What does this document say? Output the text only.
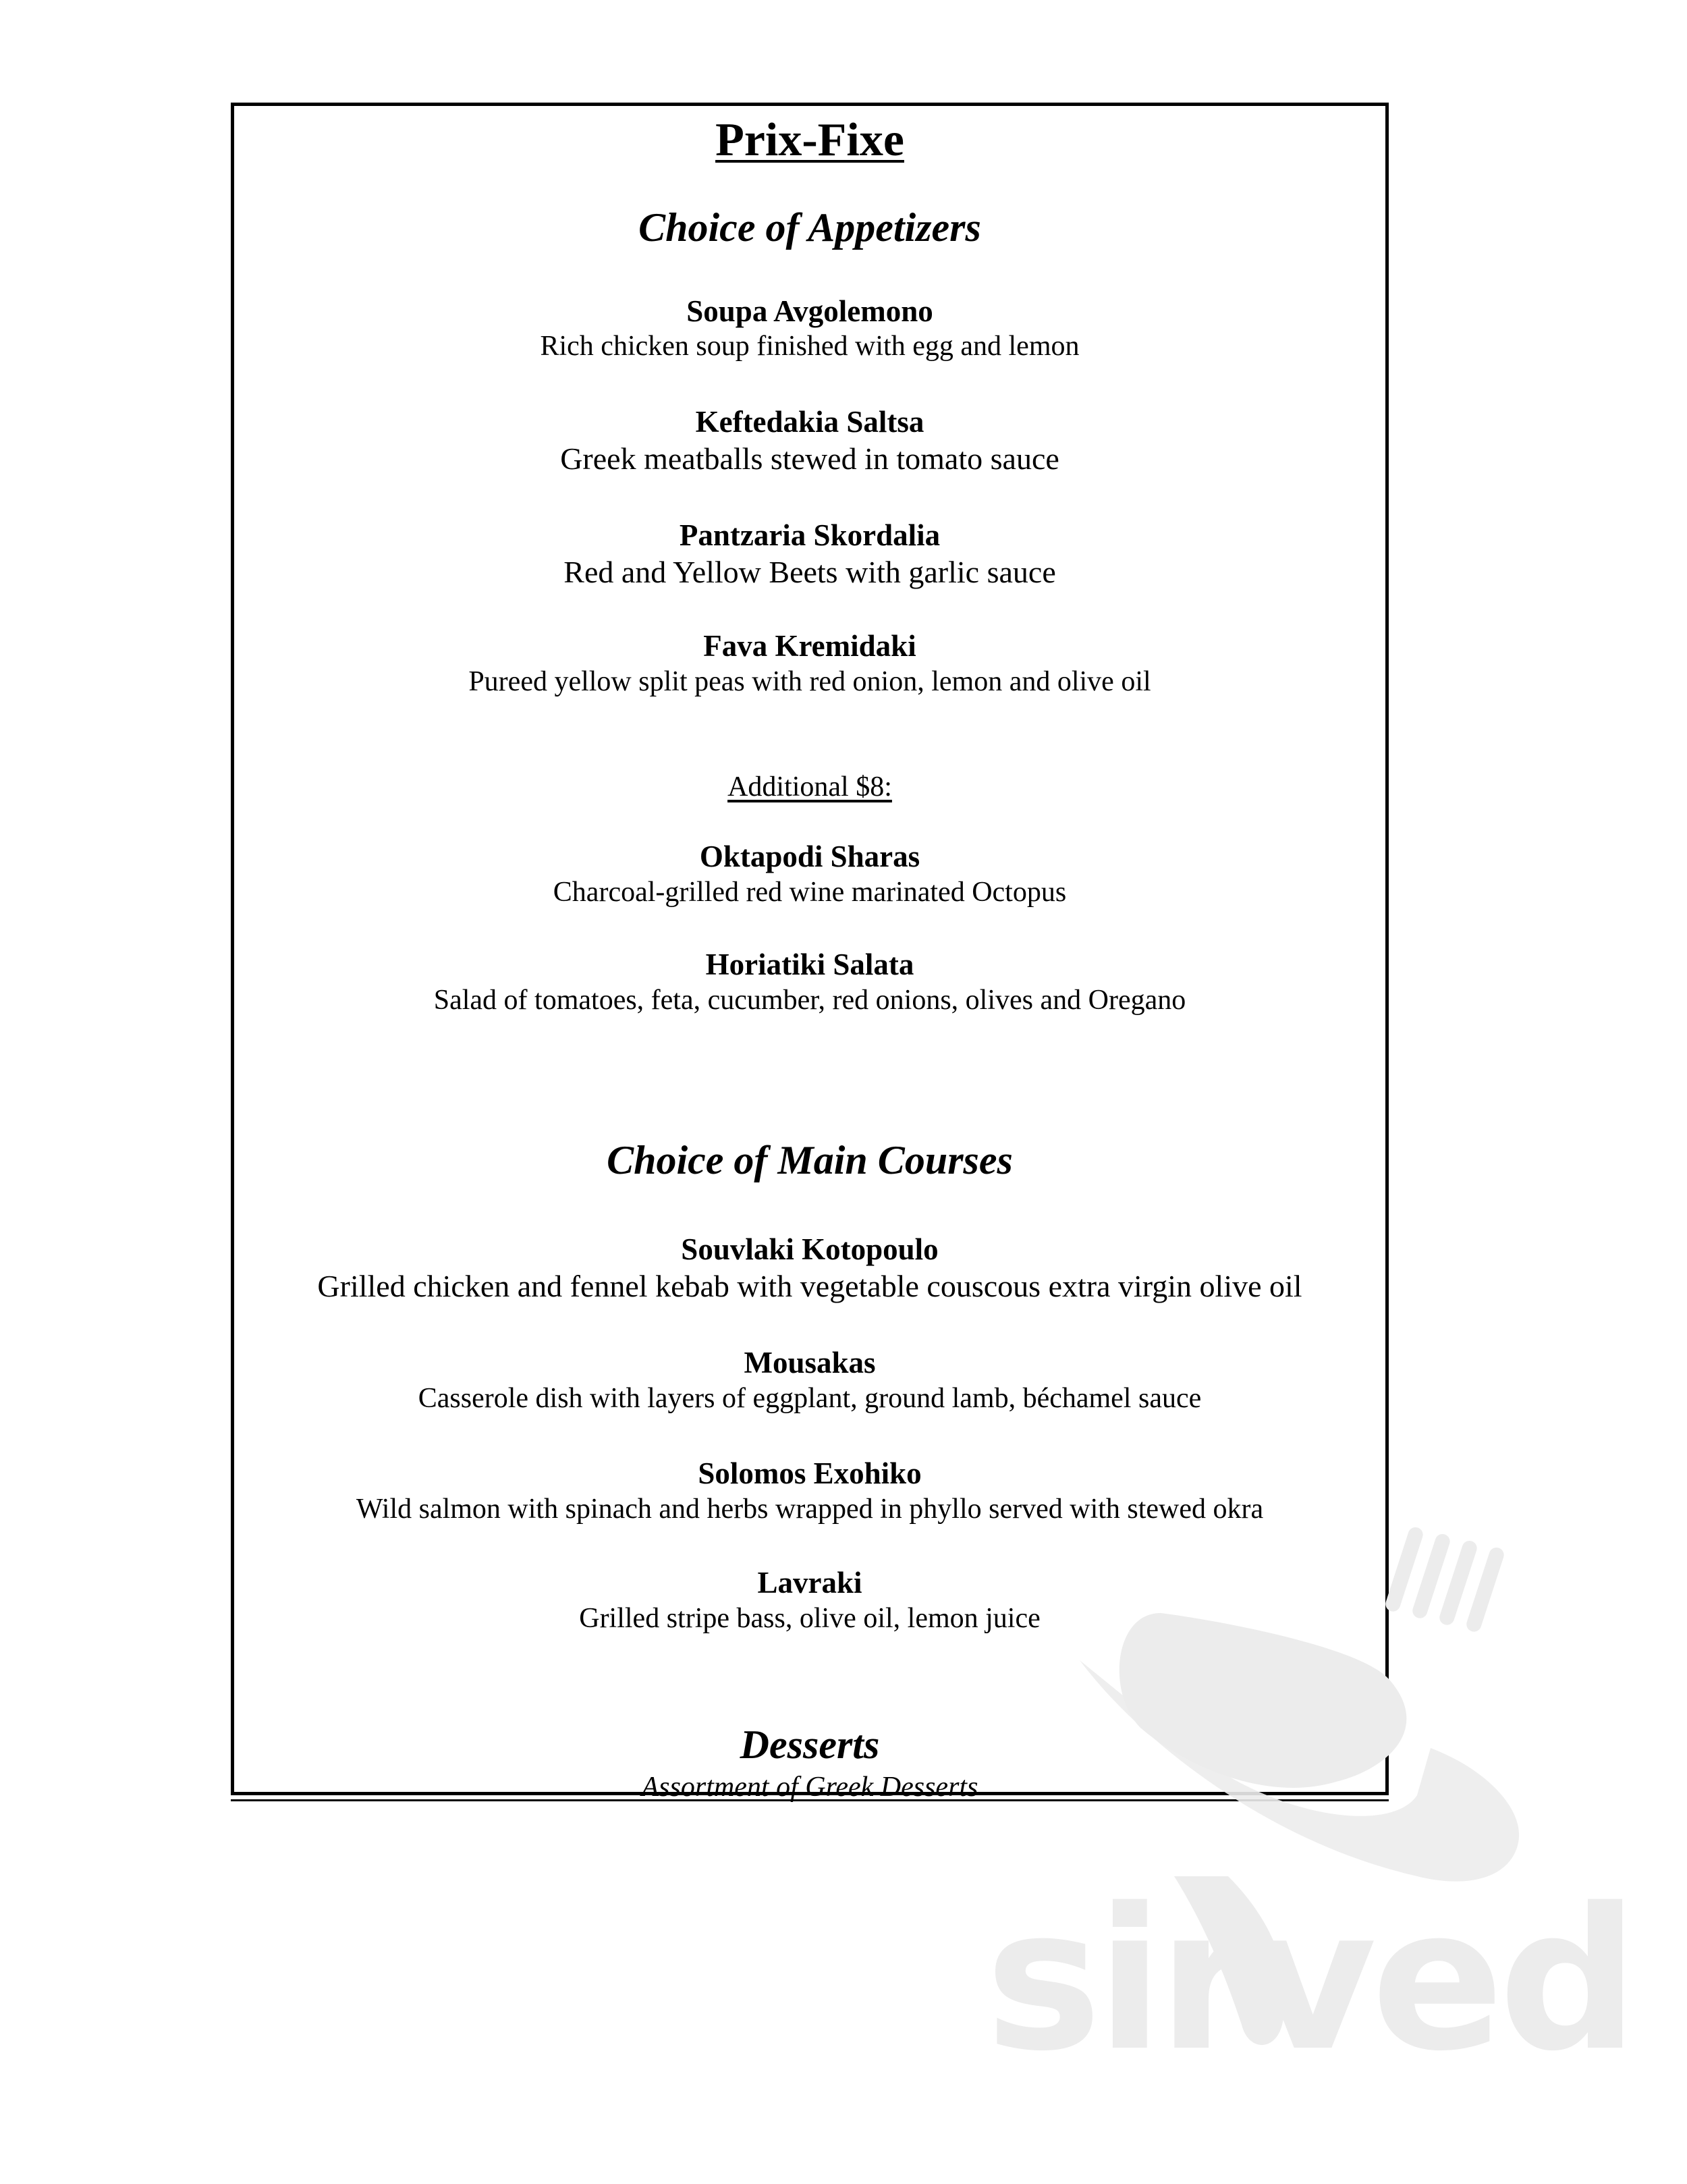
Prix-Fixe
Choice of Appetizers
Soupa Avgolemono
Rich chicken soup finished with egg and lemon
Keftedakia Saltsa
Greek meatballs stewed in tomato sauce
Pantzaria Skordalia
Red and Yellow Beets with garlic sauce
Fava Kremidaki
Pureed yellow split peas with red onion, lemon and olive oil
Additional $8:
Oktapodi Sharas
Charcoal-grilled red wine marinated Octopus
Horiatiki Salata
Salad of tomatoes, feta, cucumber, red onions, olives and Oregano
Choice of Main Courses
Souvlaki Kotopoulo
Grilled chicken and fennel kebab with vegetable couscous extra virgin olive oil
Mousakas
Casserole dish with layers of eggplant, ground lamb, béchamel sauce
Solomos Exohiko
Wild salmon with spinach and herbs wrapped in phyllo served with stewed okra
Lavraki
Grilled stripe bass, olive oil, lemon juice
Desserts
Assortment of Greek Desserts
sirved
